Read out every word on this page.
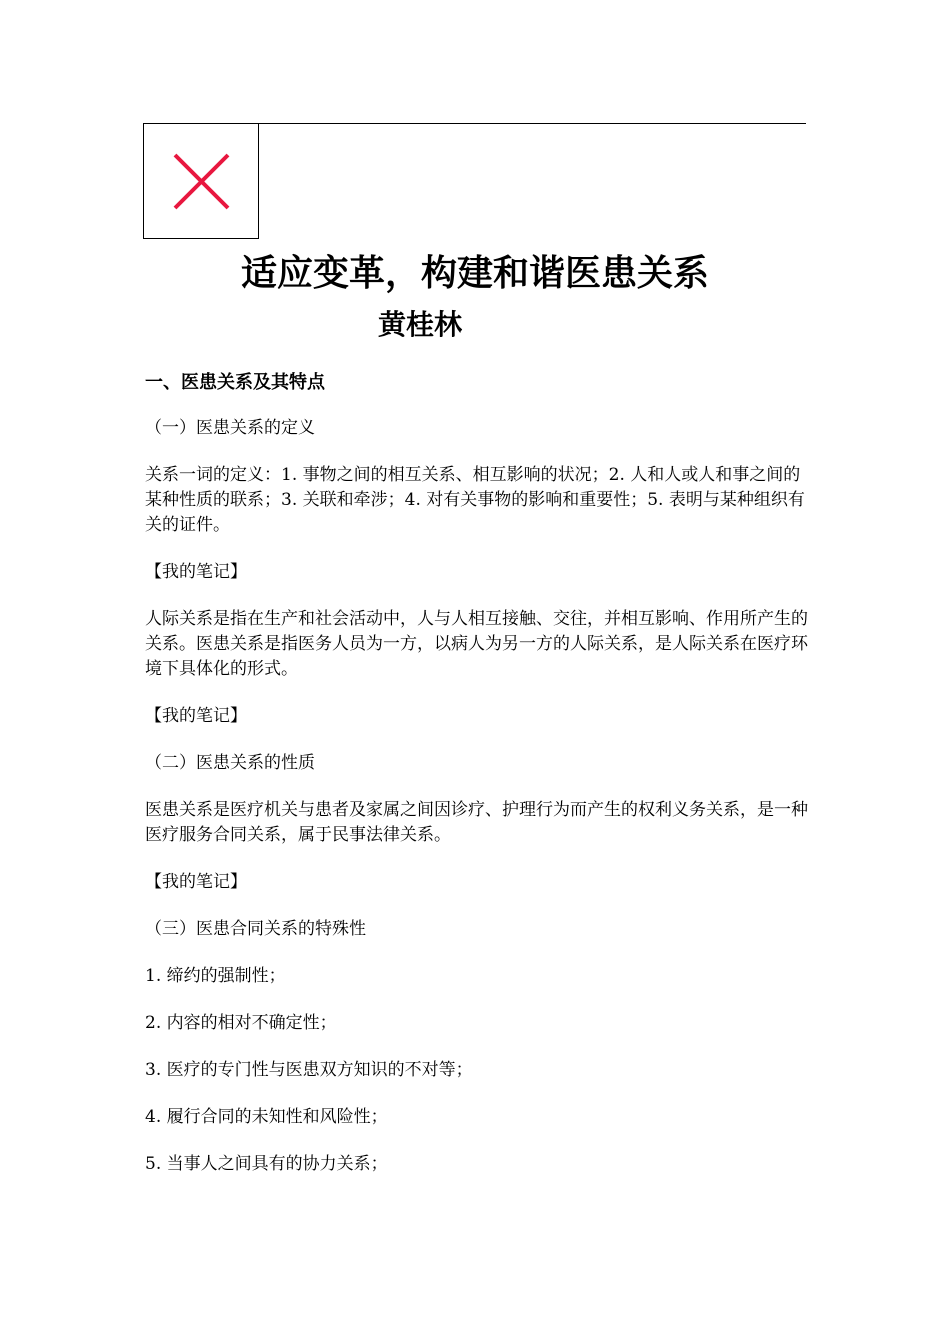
适应变革，构建和谐医患关系
黄桂林
一、医患关系及其特点

（一）医患关系的定义

关系一词的定义：1. 事物之间的相互关系、相互影响的状况；2. 人和人或人和事之间的某种性质的联系；3. 关联和牵涉；4. 对有关事物的影响和重要性；5. 表明与某种组织有关的证件。

【我的笔记】

人际关系是指在生产和社会活动中，人与人相互接触、交往，并相互影响、作用所产生的关系。医患关系是指医务人员为一方，以病人为另一方的人际关系，是人际关系在医疗环境下具体化的形式。

【我的笔记】

（二）医患关系的性质

医患关系是医疗机关与患者及家属之间因诊疗、护理行为而产生的权利义务关系，是一种医疗服务合同关系，属于民事法律关系。

【我的笔记】

（三）医患合同关系的特殊性

1. 缔约的强制性；

2. 内容的相对不确定性；

3. 医疗的专门性与医患双方知识的不对等；

4. 履行合同的未知性和风险性；

5. 当事人之间具有的协力关系；
